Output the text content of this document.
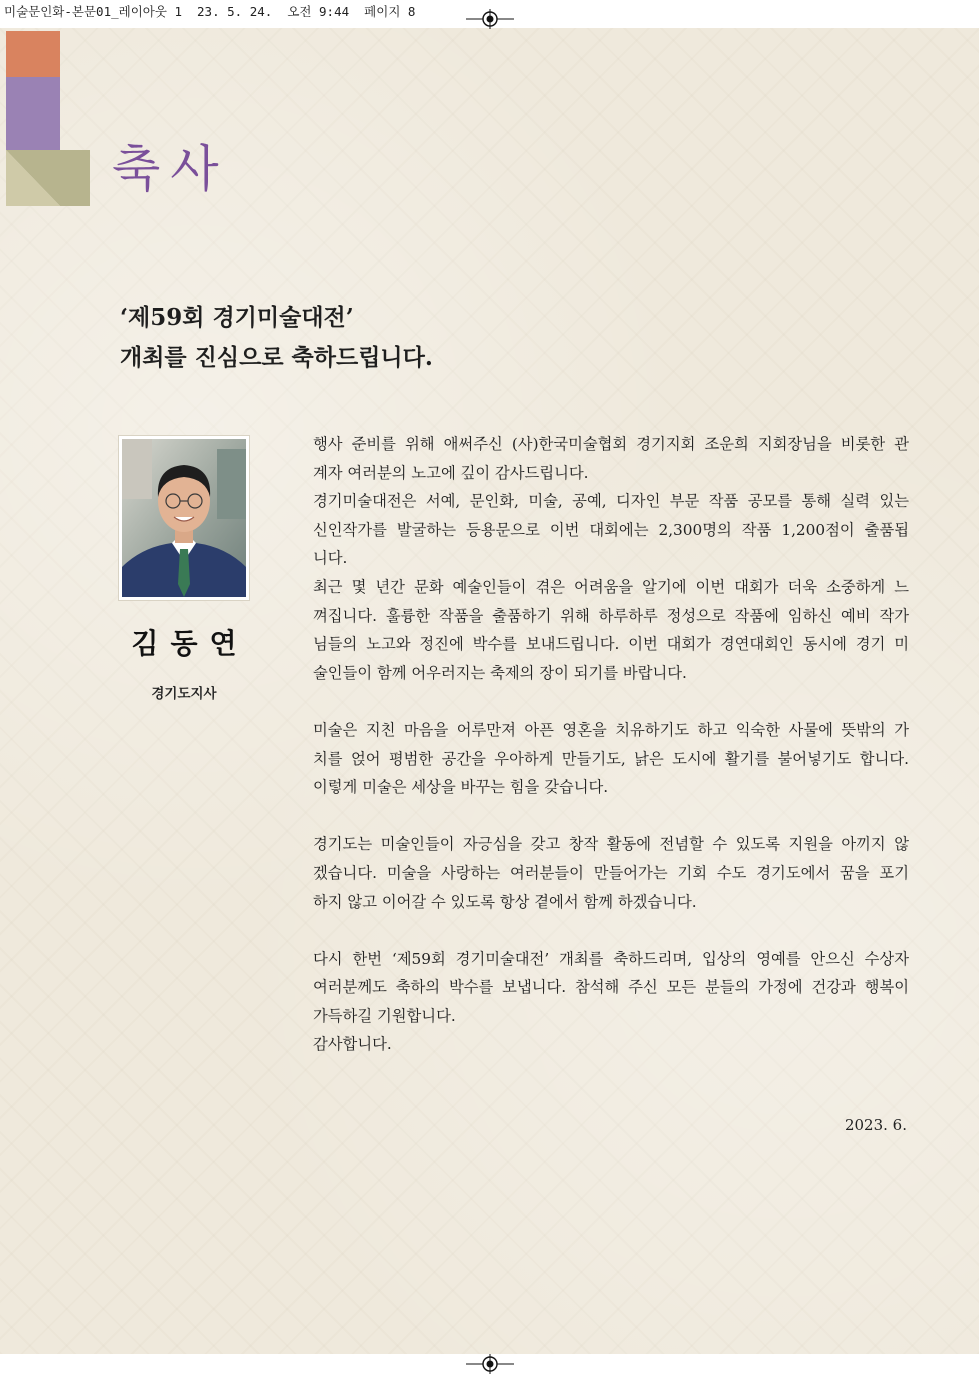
미술문인화-본문01_레이아웃 1  23. 5. 24.  오전 9:44  페이지 8
축사
‘제59회 경기미술대전’
개최를 진심으로 축하드립니다.
김동연
경기도지사
행사 준비를 위해 애써주신 (사)한국미술협회 경기지회 조운희 지회장님을 비롯한 관
계자 여러분의 노고에 깊이 감사드립니다.
경기미술대전은 서예, 문인화, 미술, 공예, 디자인 부문 작품 공모를 통해 실력 있는
신인작가를 발굴하는 등용문으로 이번 대회에는 2,300명의 작품 1,200점이 출품됩
니다.
최근 몇 년간 문화 예술인들이 겪은 어려움을 알기에 이번 대회가 더욱 소중하게 느
껴집니다. 훌륭한 작품을 출품하기 위해 하루하루 정성으로 작품에 임하신 예비 작가
님들의 노고와 정진에 박수를 보내드립니다. 이번 대회가 경연대회인 동시에 경기 미
술인들이 함께 어우러지는 축제의 장이 되기를 바랍니다.
미술은 지친 마음을 어루만져 아픈 영혼을 치유하기도 하고 익숙한 사물에 뜻밖의 가
치를 얹어 평범한 공간을 우아하게 만들기도, 낡은 도시에 활기를 불어넣기도 합니다.
이렇게 미술은 세상을 바꾸는 힘을 갖습니다.
경기도는 미술인들이 자긍심을 갖고 창작 활동에 전념할 수 있도록 지원을 아끼지 않
겠습니다. 미술을 사랑하는 여러분들이 만들어가는 기회 수도 경기도에서 꿈을 포기
하지 않고 이어갈 수 있도록 항상 곁에서 함께 하겠습니다.
다시 한번 ‘제59회 경기미술대전’ 개최를 축하드리며, 입상의 영예를 안으신 수상자
여러분께도 축하의 박수를 보냅니다. 참석해 주신 모든 분들의 가정에 건강과 행복이
가득하길 기원합니다.
감사합니다.
2023. 6.
